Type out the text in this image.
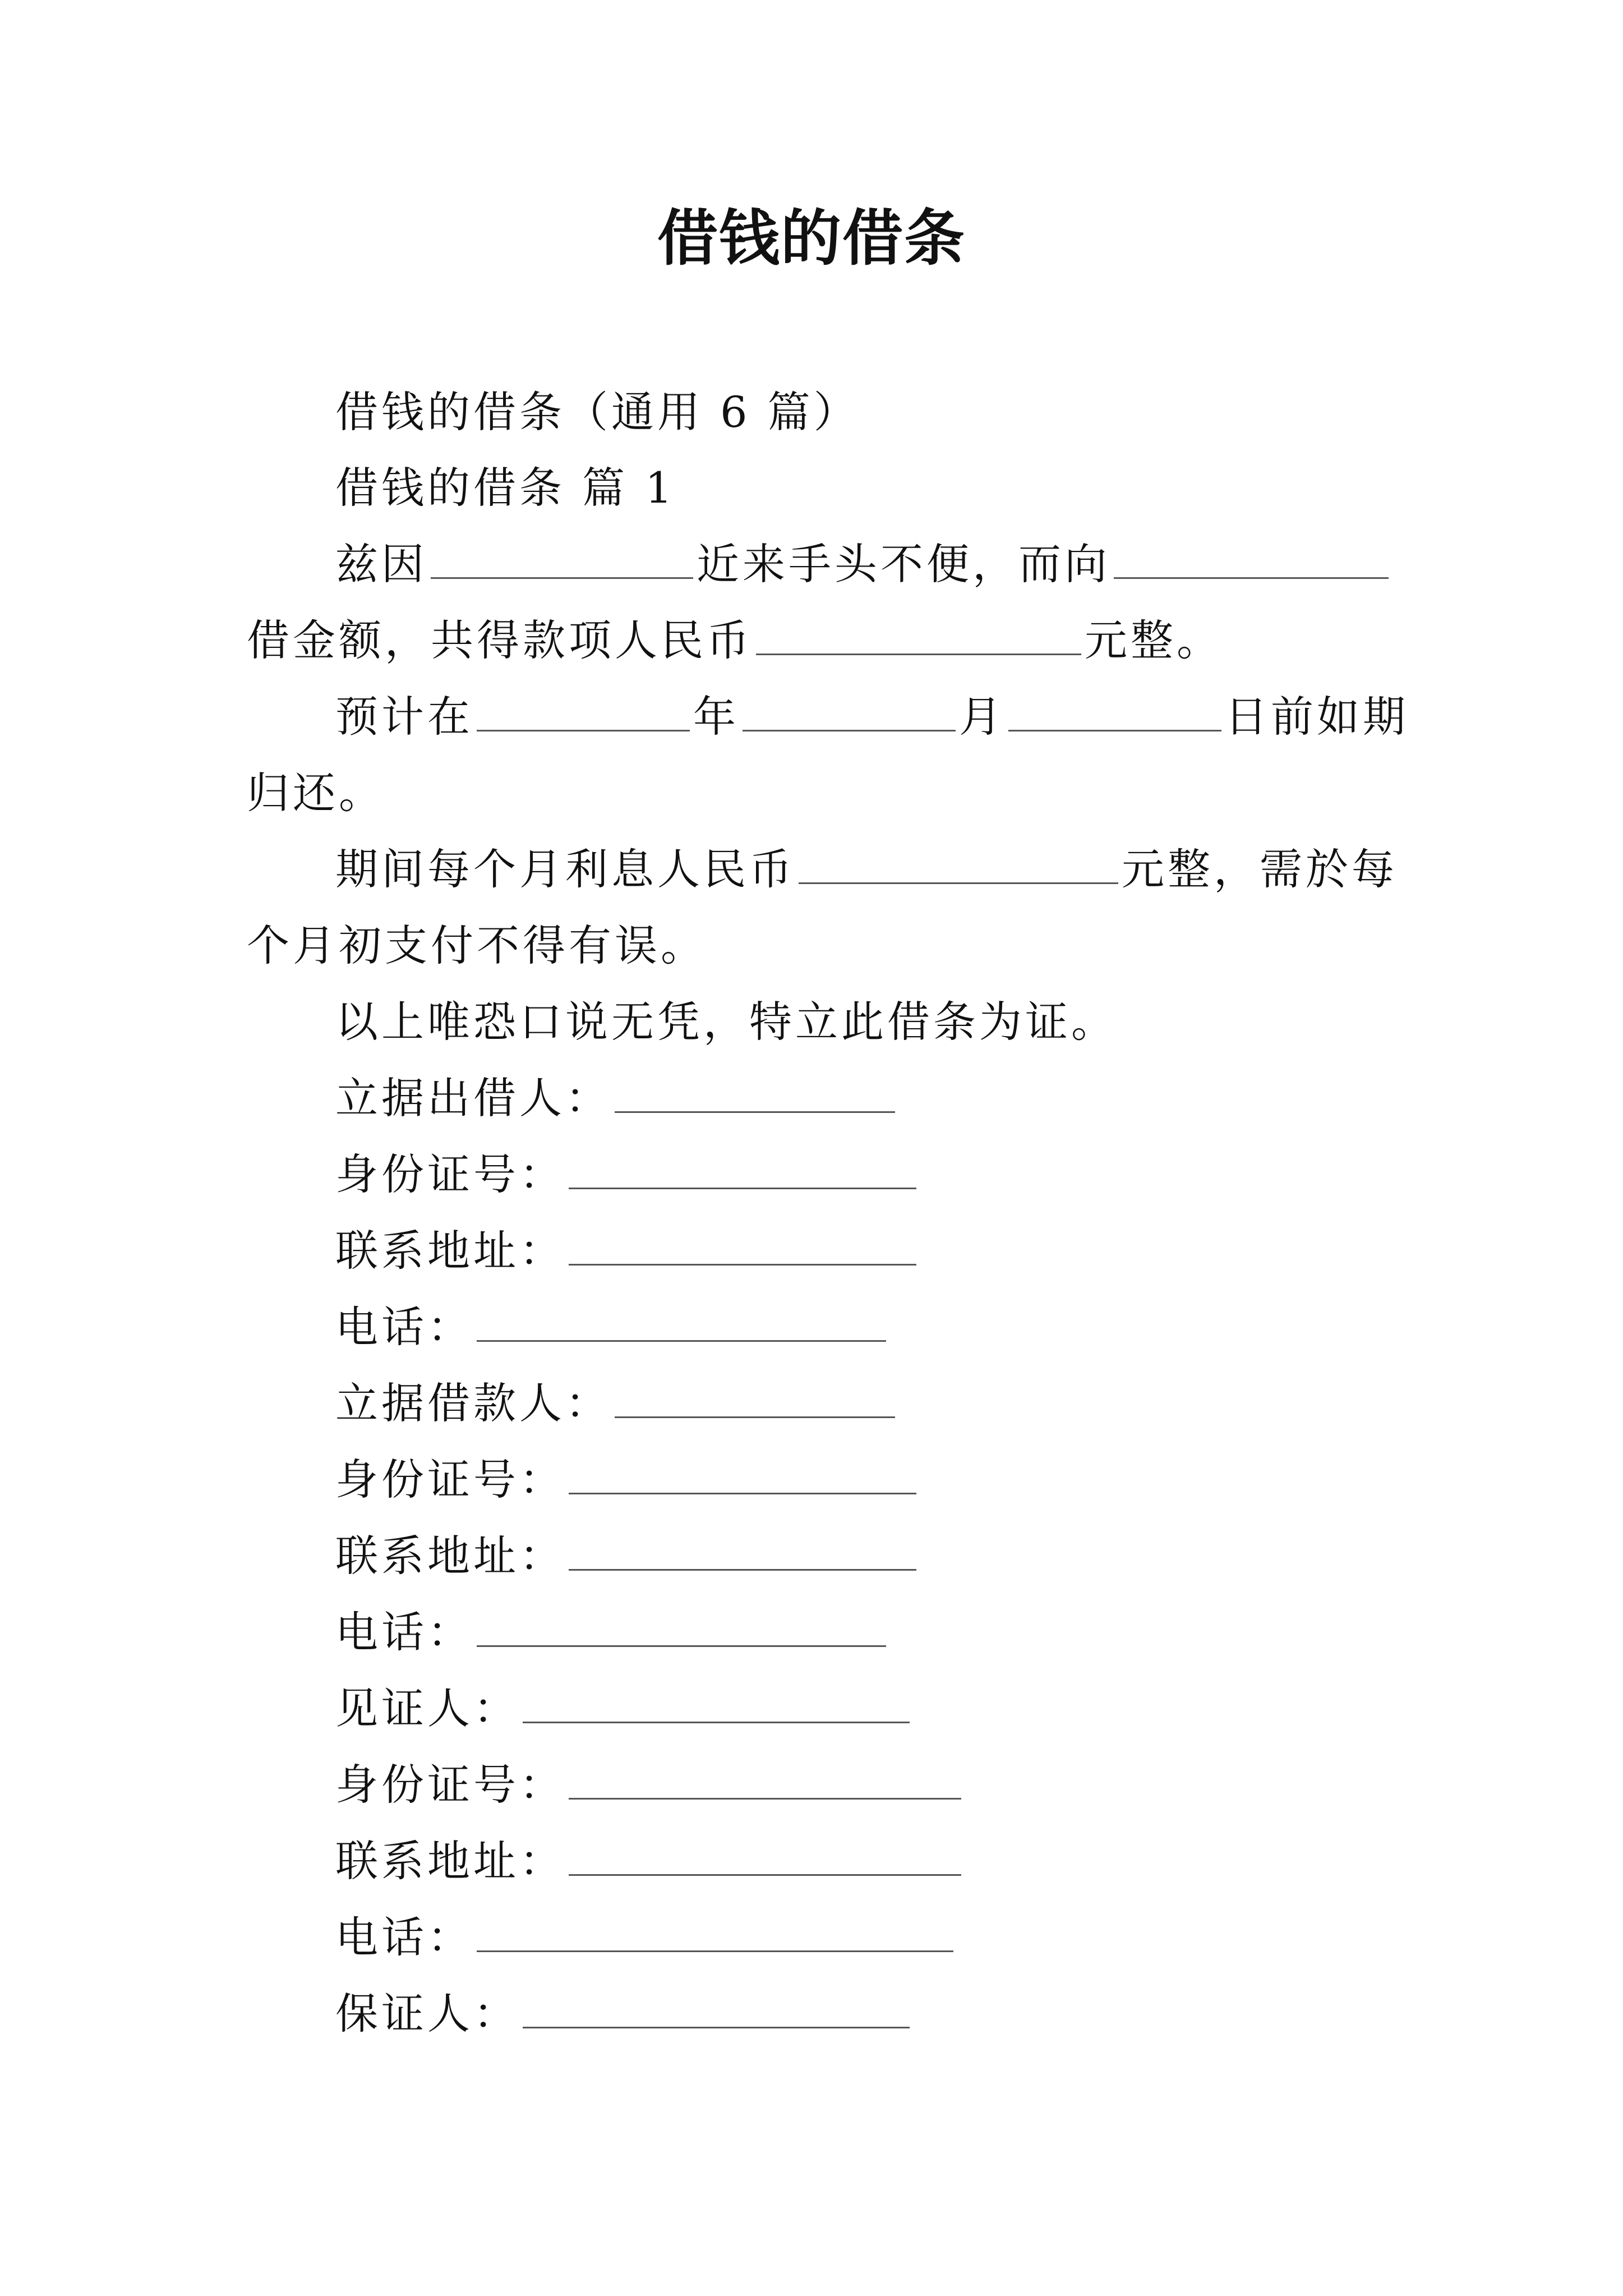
借钱的借条
借钱的借条（通用 6 篇）
借钱的借条 篇 1
兹因	近来手头不便，而向
借金额，共得款项人民币	元整。
预计在	年	月	日前如期
归还。
期间每个月利息人民币	元整，需於每
个月初支付不得有误。
以上唯恐口说无凭，特立此借条为证。
立据出借人：
身份证号：
联系地址：
电话：
立据借款人：
身份证号：
联系地址：
电话：
见证人：
身份证号：
联系地址：
电话：
保证人：
